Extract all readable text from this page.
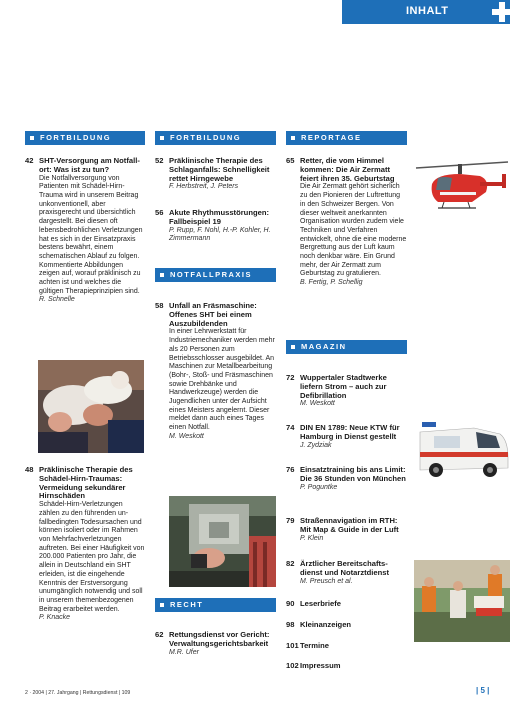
INHALT
FORTBILDUNG	FORTBILDUNG	REPORTAGE
NOTFALLPRAXIS
MAGAZIN
RECHT
42 SHT-Versorgung am Notfallort: Was ist zu tun?
Die Notfallversorgung von Patienten mit Schädel-Hirn-Trauma wird in unserem Beitrag unkonventionell, aber praxisgerecht und übersichtlich dargestellt. Bei diesen oft lebensbedrohlichen Verletzungen hat es sich in der Einsatzpraxis bestens bewährt, einem schematischen Ablauf zu folgen. Kommentierte Abbildungen zeigen auf, worauf präklinisch zu achten ist und welches die gültigen Therapieprinzipien sind.
R. Schnelle
48 Präklinische Therapie des Schädel-Hirn-Traumas: Vermeidung sekundärer Hirnschäden
Schädel-Hirn-Verletzungen zählen zu den führenden unfallbedingten Todesursachen und können isoliert oder im Rahmen von Mehrfachverletzungen auftreten. Bei einer Häufigkeit von 200.000 Patienten pro Jahr, die allein in Deutschland ein SHT erleiden, ist die eingehende Kenntnis der Erstversorgung unumgänglich notwendig und soll in unserem themenbezogenen Beitrag erarbeitet werden.
P. Knacke
52 Präklinische Therapie des Schlaganfalls: Schnelligkeit rettet Hirngewebe
F. Herbstreit, J. Peters
56 Akute Rhythmusstörungen: Fallbeispiel 19
P. Rupp, F. Nohl, H.-P. Kohler, H. Zimmermann
58 Unfall an Fräsmaschine: Offenes SHT bei einem Auszubildenden
In einer Lehrwerkstatt für Industriemechaniker werden mehr als 20 Personen zum Betriebsschlosser ausgebildet. An Maschinen zur Metallbearbeitung (Bohr-, Stoß- und Fräsmaschinen sowie Drehbänke und Handwerkzeuge) werden die Jugendlichen unter der Aufsicht eines Meisters angelernt. Dieser meldet dann auch eines Tages einen Notfall.
M. Weskott
62 Rettungsdienst vor Gericht: Verwaltungsgerichtsbarkeit
M.R. Ufer
65 Retter, die vom Himmel kommen: Die Air Zermatt feiert ihren 35. Geburtstag
Die Air Zermatt gehört sicherlich zu den Pionieren der Luftrettung in den Schweizer Bergen. Von dieser weltweit anerkannten Organisation wurden zudem viele Techniken und Verfahren entwickelt, ohne die eine moderne Bergrettung aus der Luft kaum noch denkbar wäre. Ein Grund mehr, der Air Zermatt zum Geburtstag zu gratulieren.
B. Fertig, P. Schellig
72 Wuppertaler Stadtwerke liefern Strom – auch zur Defibrillation
M. Weskott
74 DIN EN 1789: Neue KTW für Hamburg in Dienst gestellt
J. Zydziak
76 Einsatztraining bis ans Limit: Die 36 Stunden von München
P. Poguntke
79 Straßennavigation im RTH: Mit Map & Guide in der Luft
P. Klein
82 Ärztlicher Bereitschaftsdienst und Notarztdienst
M. Preusch et al.
90 Leserbriefe
98 Kleinanzeigen
101 Termine
102 Impressum
2 · 2004 | 27. Jahrgang | Rettungsdienst | 109	| 5 |
